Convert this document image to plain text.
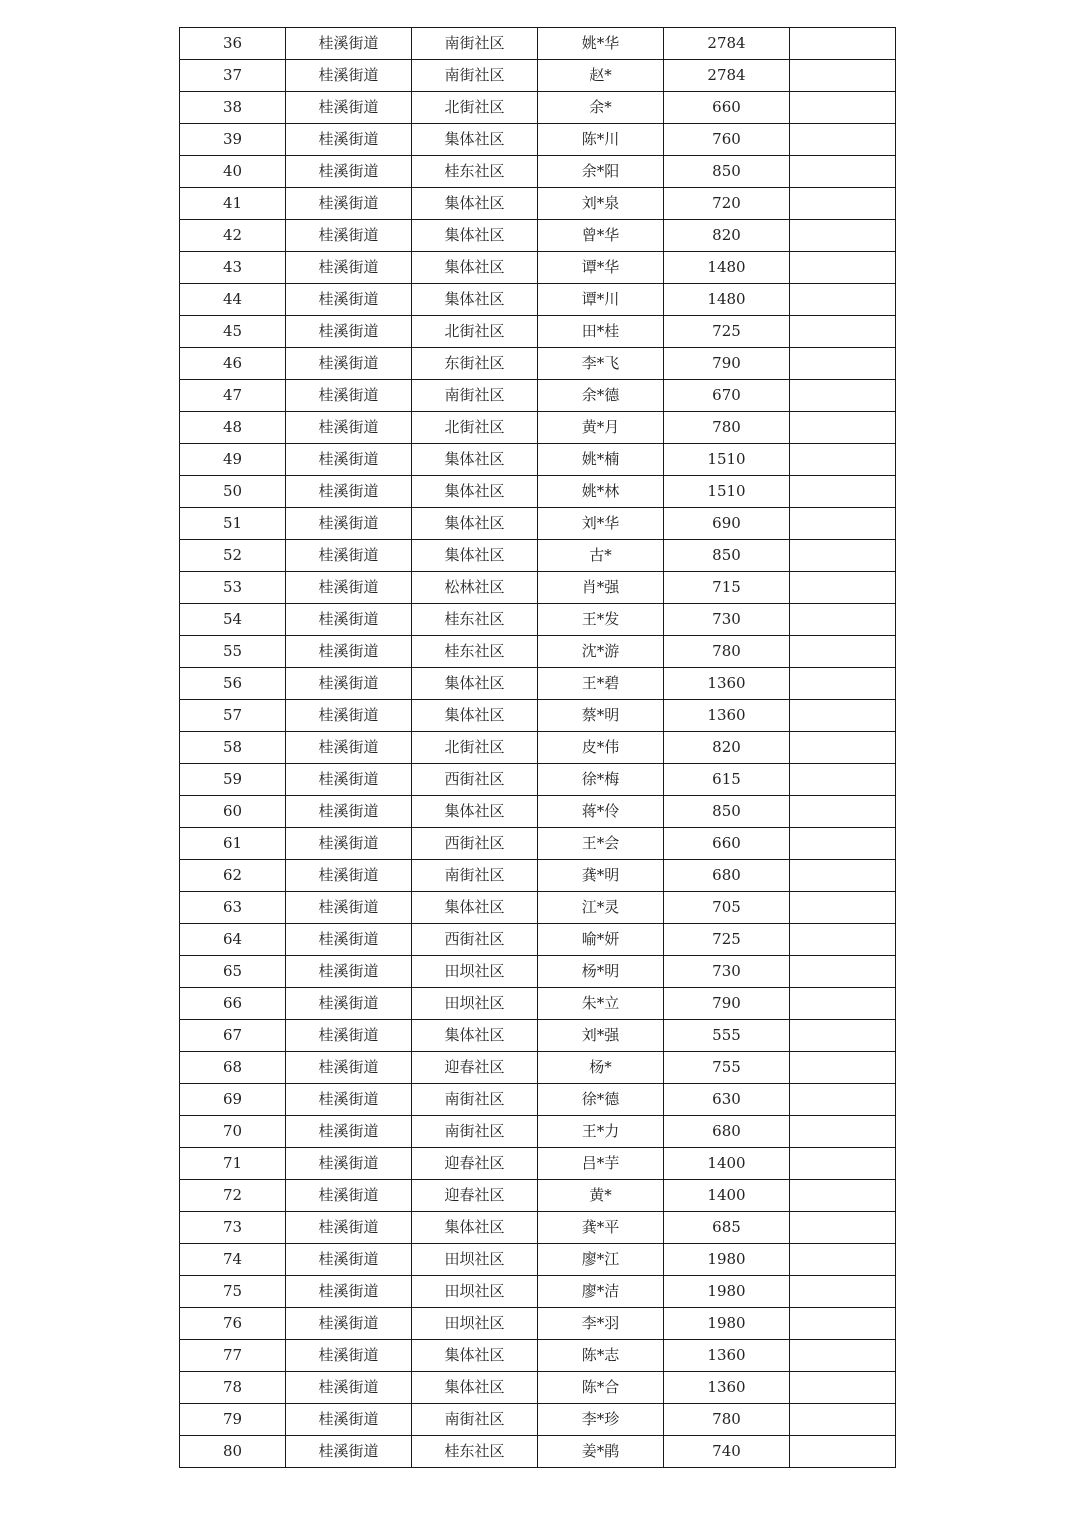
36	桂溪街道	南街社区	姚*华	2784	
37	桂溪街道	南街社区	赵*	2784	
38	桂溪街道	北街社区	余*	660	
39	桂溪街道	集体社区	陈*川	760	
40	桂溪街道	桂东社区	余*阳	850	
41	桂溪街道	集体社区	刘*泉	720	
42	桂溪街道	集体社区	曾*华	820	
43	桂溪街道	集体社区	谭*华	1480	
44	桂溪街道	集体社区	谭*川	1480	
45	桂溪街道	北街社区	田*桂	725	
46	桂溪街道	东街社区	李*飞	790	
47	桂溪街道	南街社区	余*德	670	
48	桂溪街道	北街社区	黄*月	780	
49	桂溪街道	集体社区	姚*楠	1510	
50	桂溪街道	集体社区	姚*林	1510	
51	桂溪街道	集体社区	刘*华	690	
52	桂溪街道	集体社区	古*	850	
53	桂溪街道	松林社区	肖*强	715	
54	桂溪街道	桂东社区	王*发	730	
55	桂溪街道	桂东社区	沈*游	780	
56	桂溪街道	集体社区	王*碧	1360	
57	桂溪街道	集体社区	蔡*明	1360	
58	桂溪街道	北街社区	皮*伟	820	
59	桂溪街道	西街社区	徐*梅	615	
60	桂溪街道	集体社区	蒋*伶	850	
61	桂溪街道	西街社区	王*会	660	
62	桂溪街道	南街社区	龚*明	680	
63	桂溪街道	集体社区	江*灵	705	
64	桂溪街道	西街社区	喻*妍	725	
65	桂溪街道	田坝社区	杨*明	730	
66	桂溪街道	田坝社区	朱*立	790	
67	桂溪街道	集体社区	刘*强	555	
68	桂溪街道	迎春社区	杨*	755	
69	桂溪街道	南街社区	徐*德	630	
70	桂溪街道	南街社区	王*力	680	
71	桂溪街道	迎春社区	吕*芋	1400	
72	桂溪街道	迎春社区	黄*	1400	
73	桂溪街道	集体社区	龚*平	685	
74	桂溪街道	田坝社区	廖*江	1980	
75	桂溪街道	田坝社区	廖*洁	1980	
76	桂溪街道	田坝社区	李*羽	1980	
77	桂溪街道	集体社区	陈*志	1360	
78	桂溪街道	集体社区	陈*合	1360	
79	桂溪街道	南街社区	李*珍	780	
80	桂溪街道	桂东社区	姜*鹃	740	
